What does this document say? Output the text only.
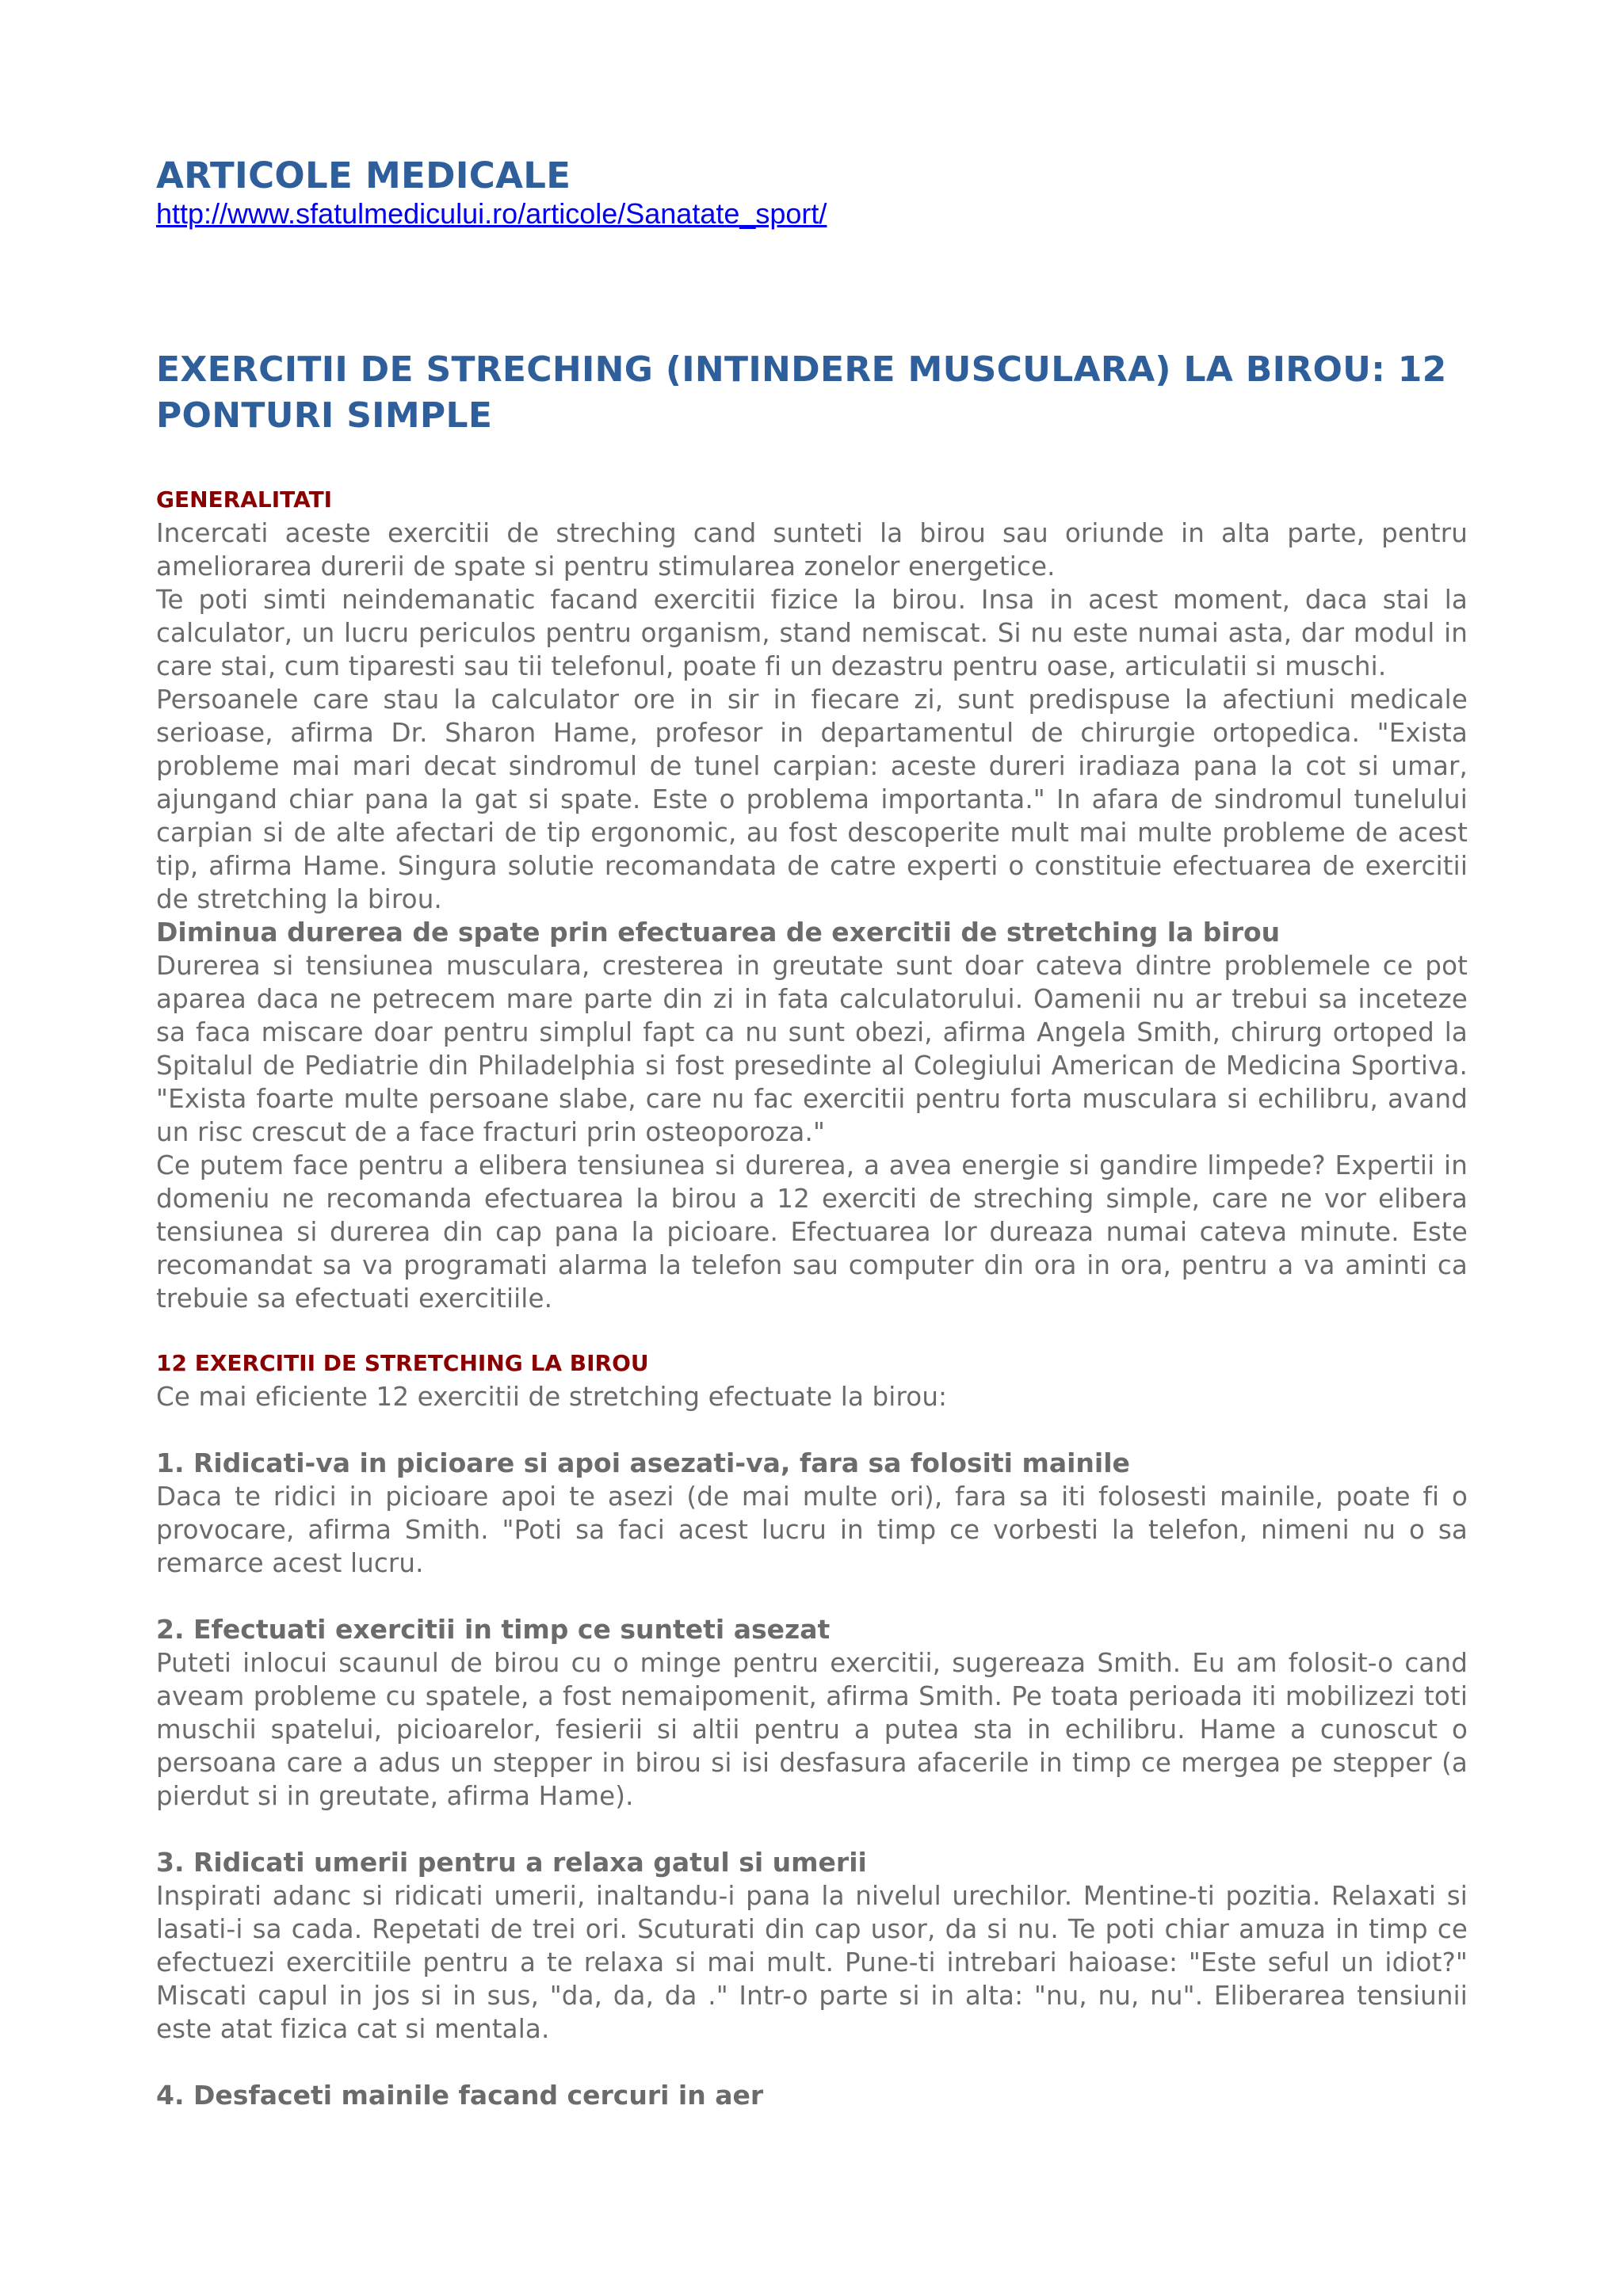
ARTICOLE MEDICALE
http://www.sfatulmedicului.ro/articole/Sanatate_sport/
EXERCITII DE STRECHING (INTINDERE MUSCULARA) LA BIROU: 12 PONTURI SIMPLE
GENERALITATI

Incercati aceste exercitii de streching cand sunteti la birou sau oriunde in alta parte, pentru ameliorarea durerii de spate si pentru stimularea zonelor energetice.

Te poti simti neindemanatic facand exercitii fizice la birou. Insa in acest moment, daca stai la calculator, un lucru periculos pentru organism, stand nemiscat. Si nu este numai asta, dar modul in care stai, cum tiparesti sau tii telefonul, poate fi un dezastru pentru oase, articulatii si muschi.

Persoanele care stau la calculator ore in sir in fiecare zi, sunt predispuse la afectiuni medicale serioase, afirma Dr. Sharon Hame, profesor in departamentul de chirurgie ortopedica. "Exista probleme mai mari decat sindromul de tunel carpian: aceste dureri iradiaza pana la cot si umar, ajungand chiar pana la gat si spate. Este o problema importanta." In afara de sindromul tunelului carpian si de alte afectari de tip ergonomic, au fost descoperite mult mai multe probleme de acest tip, afirma Hame. Singura solutie recomandata de catre experti o constituie efectuarea de exercitii de stretching la birou.

Diminua durerea de spate prin efectuarea de exercitii de stretching la birou

Durerea si tensiunea musculara, cresterea in greutate sunt doar cateva dintre problemele ce pot aparea daca ne petrecem mare parte din zi in fata calculatorului. Oamenii nu ar trebui sa inceteze sa faca miscare doar pentru simplul fapt ca nu sunt obezi, afirma Angela Smith, chirurg ortoped la Spitalul de Pediatrie din Philadelphia si fost presedinte al Colegiului American de Medicina Sportiva. "Exista foarte multe persoane slabe, care nu fac exercitii pentru forta musculara si echilibru, avand un risc crescut de a face fracturi prin osteoporoza."

Ce putem face pentru a elibera tensiunea si durerea, a avea energie si gandire limpede? Expertii in domeniu ne recomanda efectuarea la birou a 12 exerciti de streching simple, care ne vor elibera tensiunea si durerea din cap pana la picioare. Efectuarea lor dureaza numai cateva minute. Este recomandat sa va programati alarma la telefon sau computer din ora in ora, pentru a va aminti ca trebuie sa efectuati exercitiile.

12 EXERCITII DE STRETCHING LA BIROU

Ce mai eficiente 12 exercitii de stretching efectuate la birou:

1. Ridicati-va in picioare si apoi asezati-va, fara sa folositi mainile

Daca te ridici in picioare apoi te asezi (de mai multe ori), fara sa iti folosesti mainile, poate fi o provocare, afirma Smith. "Poti sa faci acest lucru in timp ce vorbesti la telefon, nimeni nu o sa remarce acest lucru.

2. Efectuati exercitii in timp ce sunteti asezat

Puteti inlocui scaunul de birou cu o minge pentru exercitii, sugereaza Smith. Eu am folosit-o cand aveam probleme cu spatele, a fost nemaipomenit, afirma Smith. Pe toata perioada iti mobilizezi toti muschii spatelui, picioarelor, fesierii si altii pentru a putea sta in echilibru. Hame a cunoscut o persoana care a adus un stepper in birou si isi desfasura afacerile in timp ce mergea pe stepper (a pierdut si in greutate, afirma Hame).

3. Ridicati umerii pentru a relaxa gatul si umerii

Inspirati adanc si ridicati umerii, inaltandu-i pana la nivelul urechilor. Mentine-ti pozitia. Relaxati si lasati-i sa cada. Repetati de trei ori. Scuturati din cap usor, da si nu. Te poti chiar amuza in timp ce efectuezi exercitiile pentru a te relaxa si mai mult. Pune-ti intrebari haioase: "Este seful un idiot?" Miscati capul in jos si in sus, "da, da, da ." Intr-o parte si in alta: "nu, nu, nu". Eliberarea tensiunii este atat fizica cat si mentala.

4. Desfaceti mainile facand cercuri in aer
